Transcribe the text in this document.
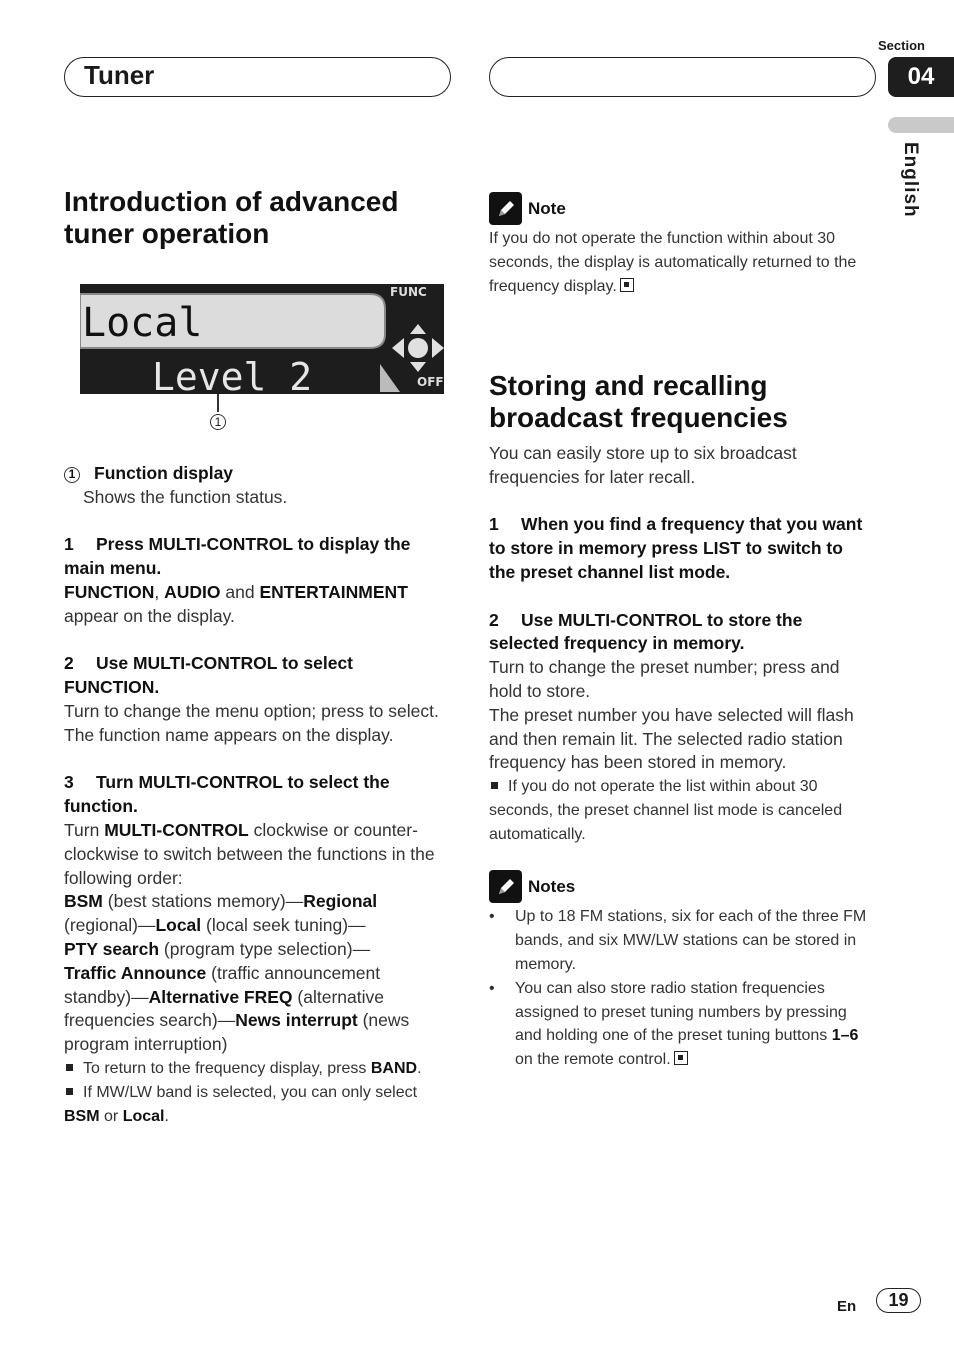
Tuner
Section
04
English
Introduction of advanced tuner operation
Local
Level 2
FUNC
OFF
1

1 Function display

Shows the function status.

1 Press MULTI-CONTROL to display the main menu.

FUNCTION, AUDIO and ENTERTAINMENT appear on the display.

2 Use MULTI-CONTROL to select FUNCTION.

Turn to change the menu option; press to select.

The function name appears on the display.

3 Turn MULTI-CONTROL to select the function.

Turn MULTI-CONTROL clockwise or counter-clockwise to switch between the functions in the following order:

BSM (best stations memory)—Regional (regional)—Local (local seek tuning)—
PTY search (program type selection)—
Traffic Announce (traffic announcement standby)—Alternative FREQ (alternative frequencies search)—News interrupt (news program interruption)

To return to the frequency display, press BAND.

If MW/LW band is selected, you can only select BSM or Local.

Note

If you do not operate the function within about 30 seconds, the display is automatically returned to the frequency display.

Storing and recalling broadcast frequencies

You can easily store up to six broadcast frequencies for later recall.

1 When you find a frequency that you want to store in memory press LIST to switch to the preset channel list mode.

2 Use MULTI-CONTROL to store the selected frequency in memory.

Turn to change the preset number; press and hold to store.

The preset number you have selected will flash and then remain lit. The selected radio station frequency has been stored in memory.

If you do not operate the list within about 30 seconds, the preset channel list mode is canceled automatically.

Notes
•	Up to 18 FM stations, six for each of the three FM bands, and six MW/LW stations can be stored in memory.
•	You can also store radio station frequencies assigned to preset tuning numbers by pressing and holding one of the preset tuning buttons 1–6 on the remote control.
En	19
